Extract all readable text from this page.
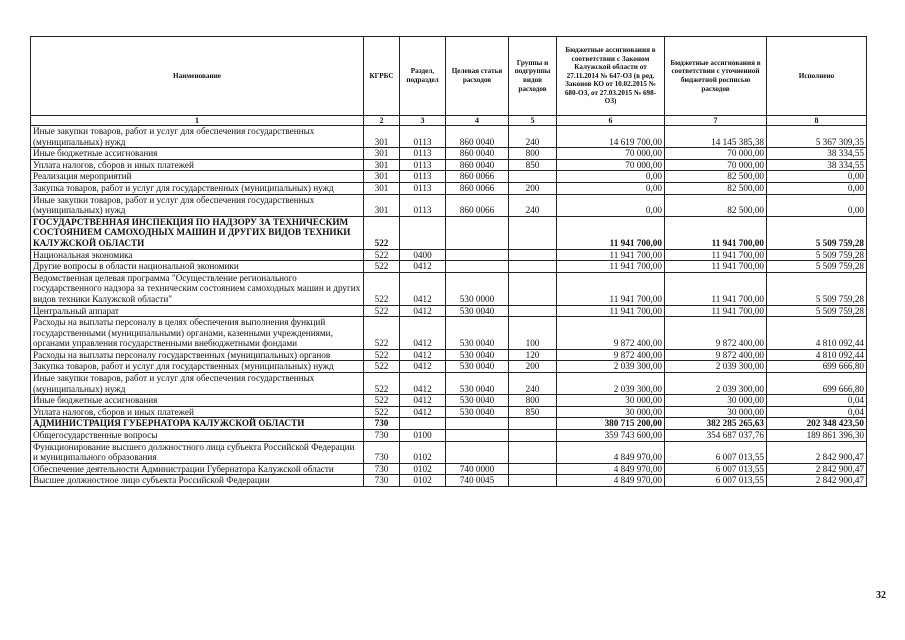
Наименование	КГРБС	Раздел, подраздел	Целевая статья расходов	Группы и подгруппы видов расходов	Бюджетные ассигнования в соответствии с Законом Калужской области от 27.11.2014 № 647-ОЗ (в ред. Законов КО от 10.02.2015 № 680-ОЗ, от 27.03.2015 № 698-ОЗ)	Бюджетные ассигнования в соответствии с уточненной бюджетной росписью расходов	Исполнено
1	2	3	4	5	6	7	8
Иные закупки товаров, работ и услуг для обеспечения государственных (муниципальных) нужд	301	0113	860 0040	240	14 619 700,00	14 145 385,38	5 367 309,35
Иные бюджетные ассигнования	301	0113	860 0040	800	70 000,00	70 000,00	38 334,55
Уплата налогов, сборов и иных платежей	301	0113	860 0040	850	70 000,00	70 000,00	38 334,55
Реализация мероприятий	301	0113	860 0066		0,00	82 500,00	0,00
Закупка товаров, работ и услуг для государственных (муниципальных) нужд	301	0113	860 0066	200	0,00	82 500,00	0,00
Иные закупки товаров, работ и услуг для обеспечения государственных (муниципальных) нужд	301	0113	860 0066	240	0,00	82 500,00	0,00
ГОСУДАРСТВЕННАЯ ИНСПЕКЦИЯ ПО НАДЗОРУ ЗА ТЕХНИЧЕСКИМ СОСТОЯНИЕМ САМОХОДНЫХ МАШИН И ДРУГИХ ВИДОВ ТЕХНИКИ КАЛУЖСКОЙ ОБЛАСТИ	522				11 941 700,00	11 941 700,00	5 509 759,28
Национальная экономика	522	0400			11 941 700,00	11 941 700,00	5 509 759,28
Другие вопросы в области национальной экономики	522	0412			11 941 700,00	11 941 700,00	5 509 759,28
Ведомственная целевая программа "Осуществление регионального государственного надзора за техническим состоянием самоходных машин и других видов техники Калужской области"	522	0412	530 0000		11 941 700,00	11 941 700,00	5 509 759,28
Центральный аппарат	522	0412	530 0040		11 941 700,00	11 941 700,00	5 509 759,28
Расходы на выплаты персоналу в целях обеспечения выполнения функций государственными (муниципальными) органами, казенными учреждениями, органами управления государственными внебюджетными фондами	522	0412	530 0040	100	9 872 400,00	9 872 400,00	4 810 092,44
Расходы на выплаты персоналу государственных (муниципальных) органов	522	0412	530 0040	120	9 872 400,00	9 872 400,00	4 810 092,44
Закупка товаров, работ и услуг для государственных (муниципальных) нужд	522	0412	530 0040	200	2 039 300,00	2 039 300,00	699 666,80
Иные закупки товаров, работ и услуг для обеспечения государственных (муниципальных) нужд	522	0412	530 0040	240	2 039 300,00	2 039 300,00	699 666,80
Иные бюджетные ассигнования	522	0412	530 0040	800	30 000,00	30 000,00	0,04
Уплата налогов, сборов и иных платежей	522	0412	530 0040	850	30 000,00	30 000,00	0,04
АДМИНИСТРАЦИЯ ГУБЕРНАТОРА КАЛУЖСКОЙ ОБЛАСТИ	730				380 715 200,00	382 285 265,63	202 348 423,50
Общегосударственные вопросы	730	0100			359 743 600,00	354 687 037,76	189 861 396,30
Функционирование высшего должностного лица субъекта Российской Федерации и муниципального образования	730	0102			4 849 970,00	6 007 013,55	2 842 900,47
Обеспечение деятельности Администрации Губернатора Калужской области	730	0102	740 0000		4 849 970,00	6 007 013,55	2 842 900,47
Высшее должностное лицо субъекта Российской Федерации	730	0102	740 0045		4 849 970,00	6 007 013,55	2 842 900,47
32
